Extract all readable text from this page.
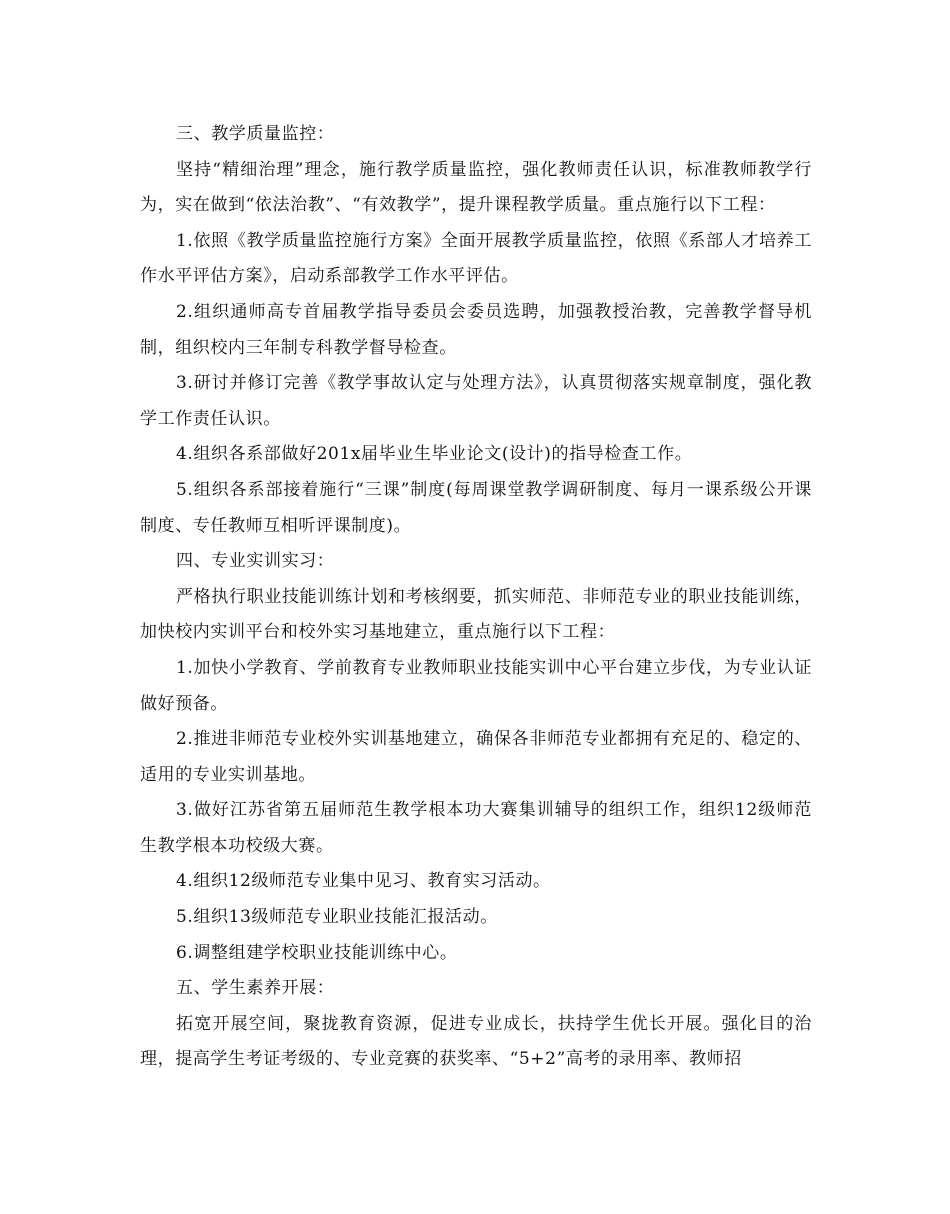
三、教学质量监控：

坚持“精细治理”理念，施行教学质量监控，强化教师责任认识，标准教师教学行为，实在做到“依法治教”、“有效教学”，提升课程教学质量。重点施行以下工程：

1.依照《教学质量监控施行方案》全面开展教学质量监控，依照《系部人才培养工作水平评估方案》，启动系部教学工作水平评估。

2.组织通师高专首届教学指导委员会委员选聘，加强教授治教，完善教学督导机制，组织校内三年制专科教学督导检查。

3.研讨并修订完善《教学事故认定与处理方法》，认真贯彻落实规章制度，强化教学工作责任认识。

4.组织各系部做好201x届毕业生毕业论文(设计)的指导检查工作。

5.组织各系部接着施行“三课”制度(每周课堂教学调研制度、每月一课系级公开课制度、专任教师互相听评课制度)。

四、专业实训实习：

严格执行职业技能训练计划和考核纲要，抓实师范、非师范专业的职业技能训练，加快校内实训平台和校外实习基地建立，重点施行以下工程：

1.加快小学教育、学前教育专业教师职业技能实训中心平台建立步伐，为专业认证做好预备。

2.推进非师范专业校外实训基地建立，确保各非师范专业都拥有充足的、稳定的、适用的专业实训基地。

3.做好江苏省第五届师范生教学根本功大赛集训辅导的组织工作，组织12级师范生教学根本功校级大赛。

4.组织12级师范专业集中见习、教育实习活动。

5.组织13级师范专业职业技能汇报活动。

6.调整组建学校职业技能训练中心。

五、学生素养开展：

拓宽开展空间，聚拢教育资源，促进专业成长，扶持学生优长开展。强化目的治理，提高学生考证考级的、专业竞赛的获奖率、“5+2”高考的录用率、教师招
